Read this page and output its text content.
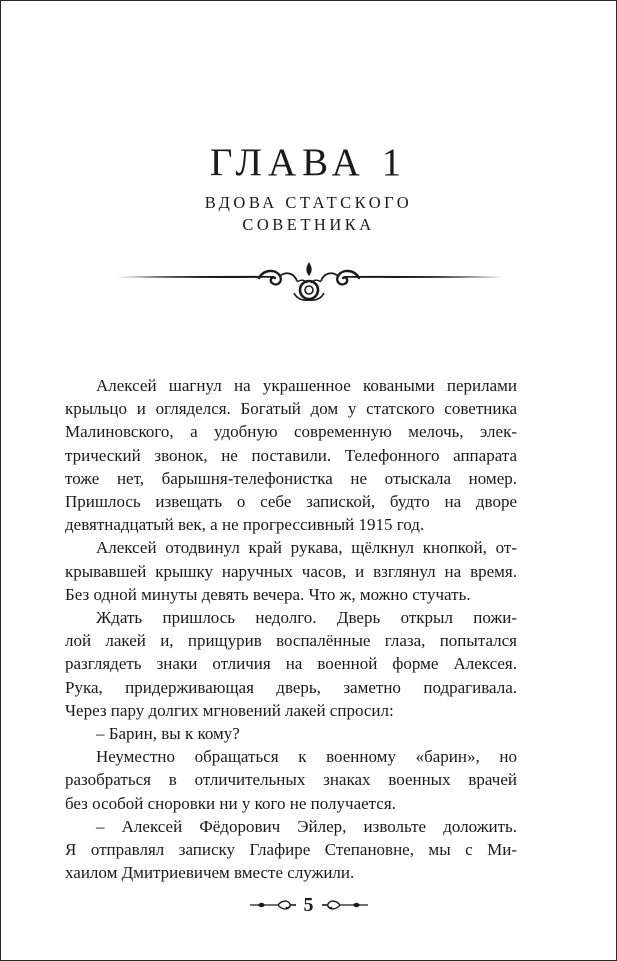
ГЛАВА 1
ВДОВА СТАТСКОГО
СОВЕТНИКА
Алексей шагнул на украшенное коваными перилами
крыльцо и огляделся. Богатый дом у статского советника
Малиновского, а удобную современную мелочь, элек-
трический звонок, не поставили. Телефонного аппарата
тоже нет, барышня-телефонистка не отыскала номер.
Пришлось извещать о себе запиской, будто на дворе
девятнадцатый век, а не прогрессивный 1915 год.
Алексей отодвинул край рукава, щёлкнул кнопкой, от-
крывавшей крышку наручных часов, и взглянул на время.
Без одной минуты девять вечера. Что ж, можно стучать.
Ждать пришлось недолго. Дверь открыл пожи-
лой лакей и, прищурив воспалённые глаза, попытался
разглядеть знаки отличия на военной форме Алексея.
Рука, придерживающая дверь, заметно подрагивала.
Через пару долгих мгновений лакей спросил:
– Барин, вы к кому?
Неуместно обращаться к военному «барин», но
разобраться в отличительных знаках военных врачей
без особой сноровки ни у кого не получается.
– Алексей Фёдорович Эйлер, извольте доложить.
Я отправлял записку Глафире Степановне, мы с Ми-
хаилом Дмитриевичем вместе служили.
5
